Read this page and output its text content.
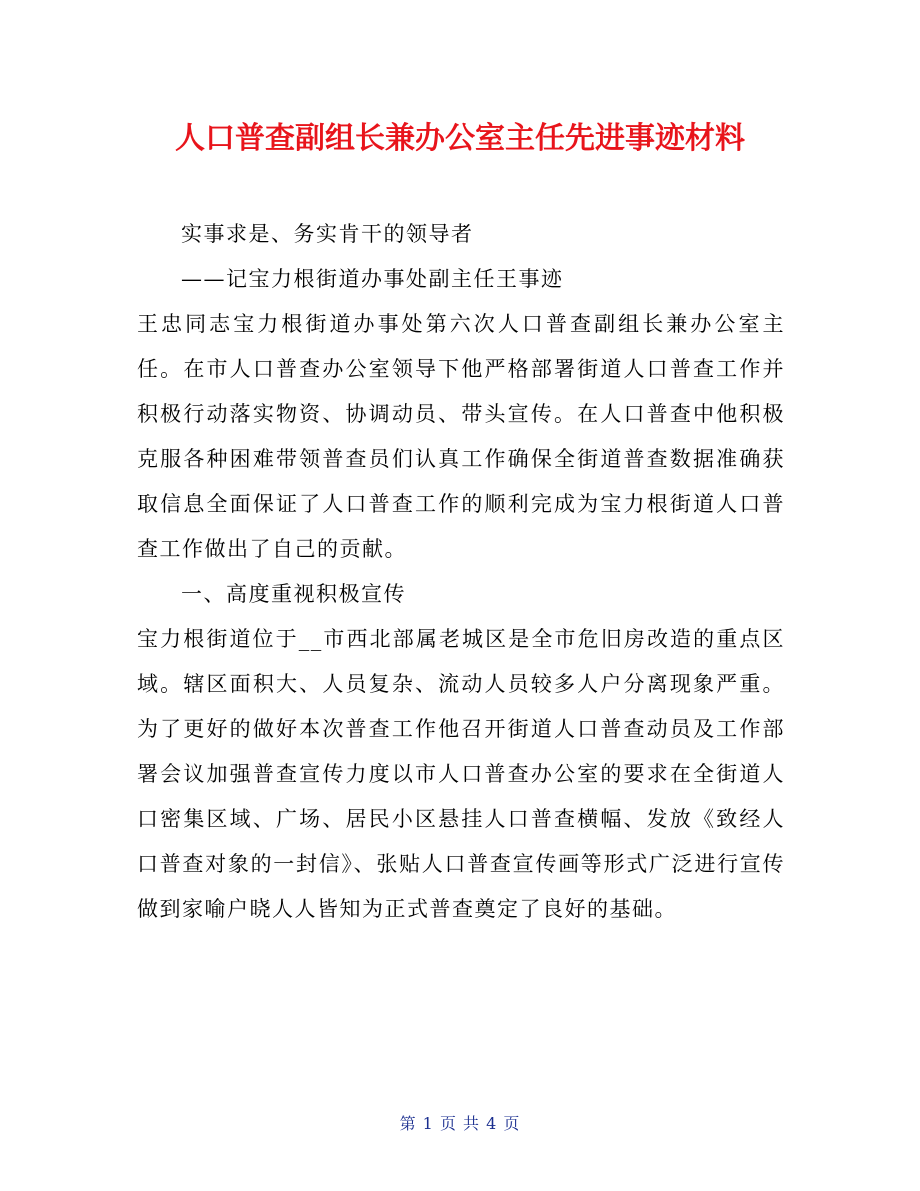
人口普查副组长兼办公室主任先进事迹材料
实事求是、务实肯干的领导者
——记宝力根街道办事处副主任王事迹

王忠同志宝力根街道办事处第六次人口普查副组长兼办公室主任。在市人口普查办公室领导下他严格部署街道人口普查工作并积极行动落实物资、协调动员、带头宣传。在人口普查中他积极克服各种困难带领普查员们认真工作确保全街道普查数据准确获取信息全面保证了人口普查工作的顺利完成为宝力根街道人口普查工作做出了自己的贡献。

一、高度重视积极宣传

宝力根街道位于__市西北部属老城区是全市危旧房改造的重点区域。辖区面积大、人员复杂、流动人员较多人户分离现象严重。为了更好的做好本次普查工作他召开街道人口普查动员及工作部署会议加强普查宣传力度以市人口普查办公室的要求在全街道人口密集区域、广场、居民小区悬挂人口普查横幅、发放《致经人口普查对象的一封信》、张贴人口普查宣传画等形式广泛进行宣传做到家喻户晓人人皆知为正式普查奠定了良好的基础。

第 1 页 共 4 页
